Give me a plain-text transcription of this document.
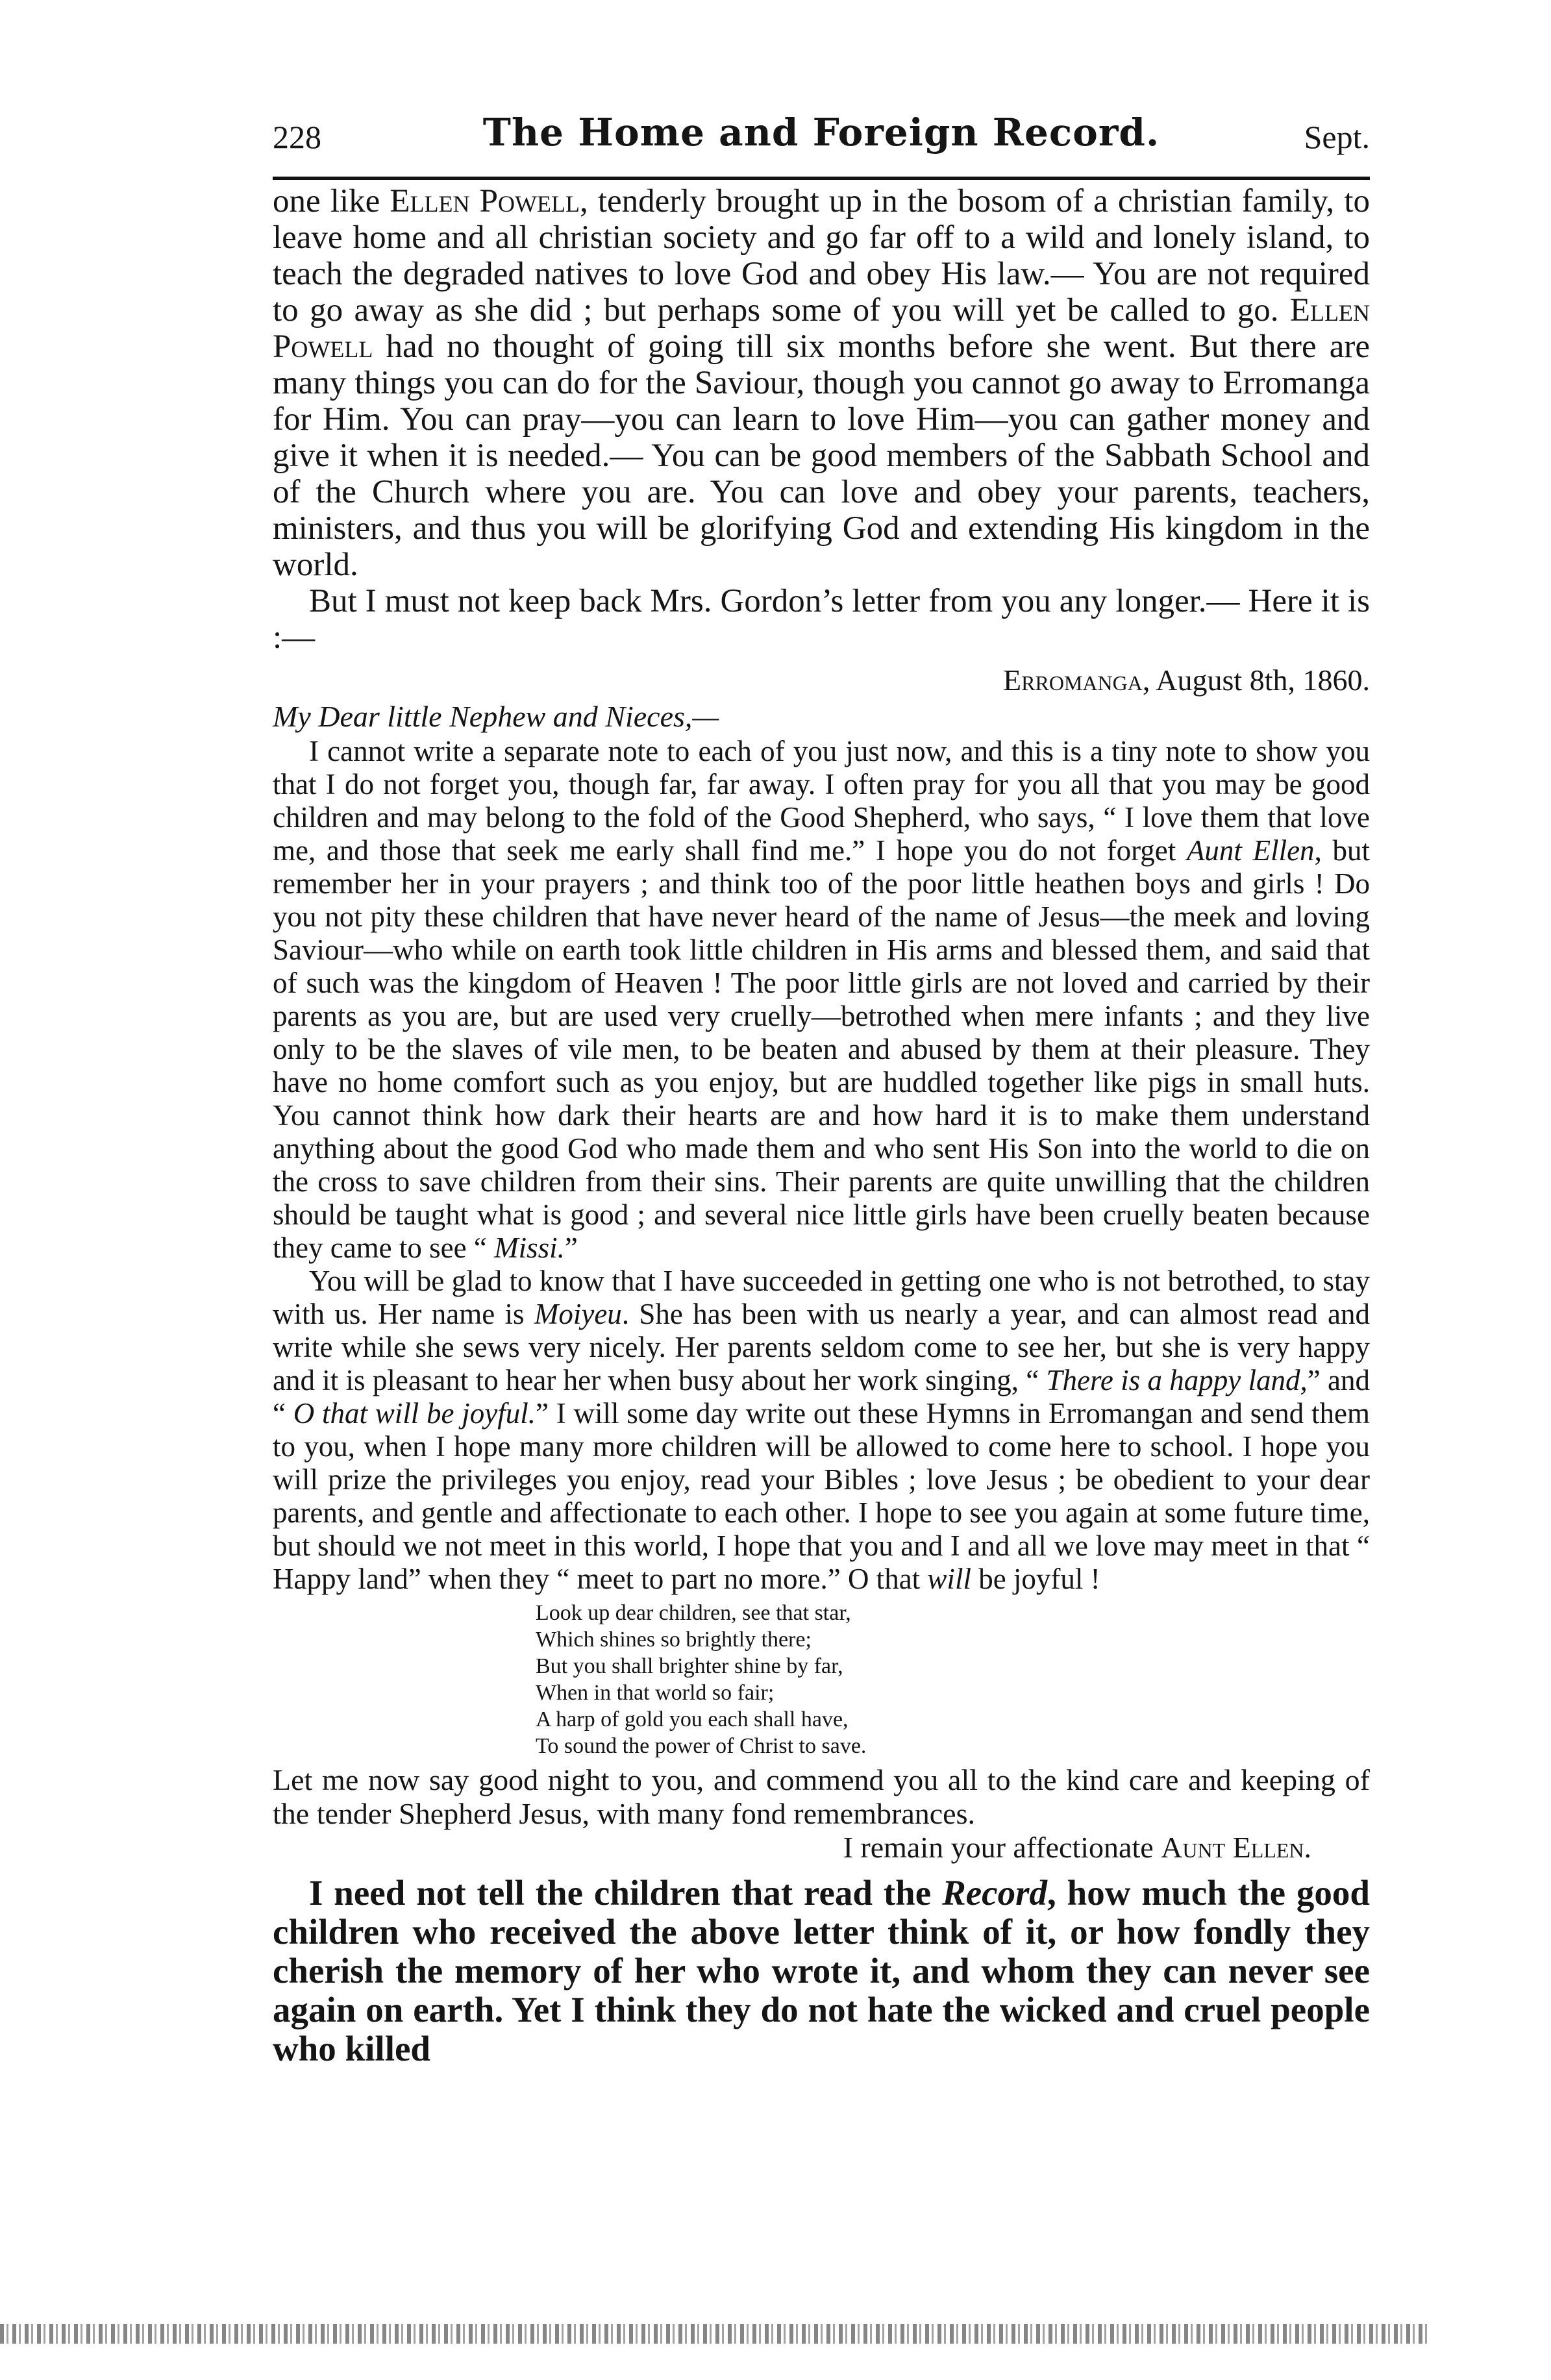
228	The Home and Foreign Record.	Sept.

one like Ellen Powell, tenderly brought up in the bosom of a christian family, to leave home and all christian society and go far off to a wild and lonely island, to teach the degraded natives to love God and obey His law.— You are not required to go away as she did ; but perhaps some of you will yet be called to go. Ellen Powell had no thought of going till six months before she went. But there are many things you can do for the Saviour, though you cannot go away to Erromanga for Him. You can pray—you can learn to love Him—you can gather money and give it when it is needed.— You can be good members of the Sabbath School and of the Church where you are. You can love and obey your parents, teachers, ministers, and thus you will be glorifying God and extending His kingdom in the world.

But I must not keep back Mrs. Gordon’s letter from you any longer.— Here it is :—

Erromanga, August 8th, 1860.
My Dear little Nephew and Nieces,—

I cannot write a separate note to each of you just now, and this is a tiny note to show you that I do not forget you, though far, far away. I often pray for you all that you may be good children and may belong to the fold of the Good Shepherd, who says, “ I love them that love me, and those that seek me early shall find me.” I hope you do not forget Aunt Ellen, but remember her in your prayers ; and think too of the poor little heathen boys and girls ! Do you not pity these children that have never heard of the name of Jesus—the meek and loving Saviour—who while on earth took little children in His arms and blessed them, and said that of such was the kingdom of Heaven ! The poor little girls are not loved and carried by their parents as you are, but are used very cruelly—betrothed when mere infants ; and they live only to be the slaves of vile men, to be beaten and abused by them at their pleasure. They have no home comfort such as you enjoy, but are huddled together like pigs in small huts. You cannot think how dark their hearts are and how hard it is to make them understand anything about the good God who made them and who sent His Son into the world to die on the cross to save children from their sins. Their parents are quite unwilling that the children should be taught what is good ; and several nice little girls have been cruelly beaten because they came to see “ Missi.”

You will be glad to know that I have succeeded in getting one who is not betrothed, to stay with us. Her name is Moiyeu. She has been with us nearly a year, and can almost read and write while she sews very nicely. Her parents seldom come to see her, but she is very happy and it is pleasant to hear her when busy about her work singing, “ There is a happy land,” and “ O that will be joyful.” I will some day write out these Hymns in Erromangan and send them to you, when I hope many more children will be allowed to come here to school. I hope you will prize the privileges you enjoy, read your Bibles ; love Jesus ; be obedient to your dear parents, and gentle and affectionate to each other. I hope to see you again at some future time, but should we not meet in this world, I hope that you and I and all we love may meet in that “ Happy land” when they “ meet to part no more.” O that will be joyful !

Look up dear children, see that star,
Which shines so brightly there;
But you shall brighter shine by far,
When in that world so fair;
A harp of gold you each shall have,
To sound the power of Christ to save.

Let me now say good night to you, and commend you all to the kind care and keeping of the tender Shepherd Jesus, with many fond remembrances.

I remain your affectionate Aunt Ellen.

I need not tell the children that read the Record, how much the good children who received the above letter think of it, or how fondly they cherish the memory of her who wrote it, and whom they can never see again on earth. Yet I think they do not hate the wicked and cruel people who killed
